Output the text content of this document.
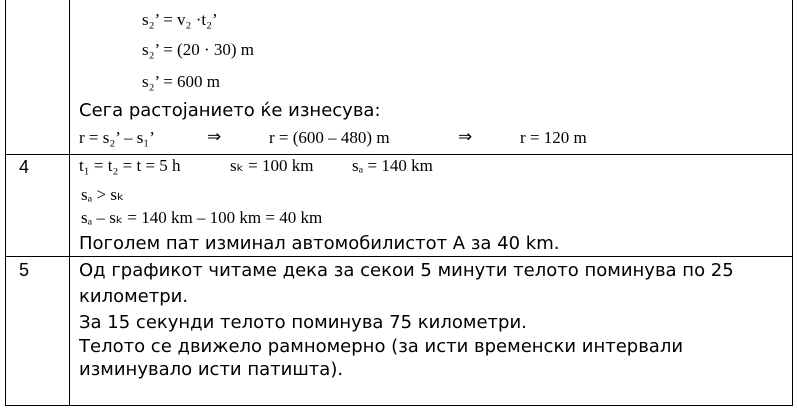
s₂’ = v₂ ·t₂’
s₂’ = (20 · 30) m
s₂’ = 600 m
Сега растојанието ќе изнесува:
r = s₂’ – s₁’	⇒	r = (600 – 480) m	⇒	r = 120 m
4	t₁ = t₂ = t = 5 h	sₖ = 100 km sₐ = 140 km
sₐ > sₖ
sₐ – sₖ = 140 km – 100 km = 40 km
Поголем пат изминал автомобилистот А за 40 km.
5	Од графикот читаме дека за секои 5 минути телото поминува по 25
километри.
За 15 секунди телото поминува 75 километри.
Телото се движело рамномерно (за исти временски интервали
изминувало исти патишта).
